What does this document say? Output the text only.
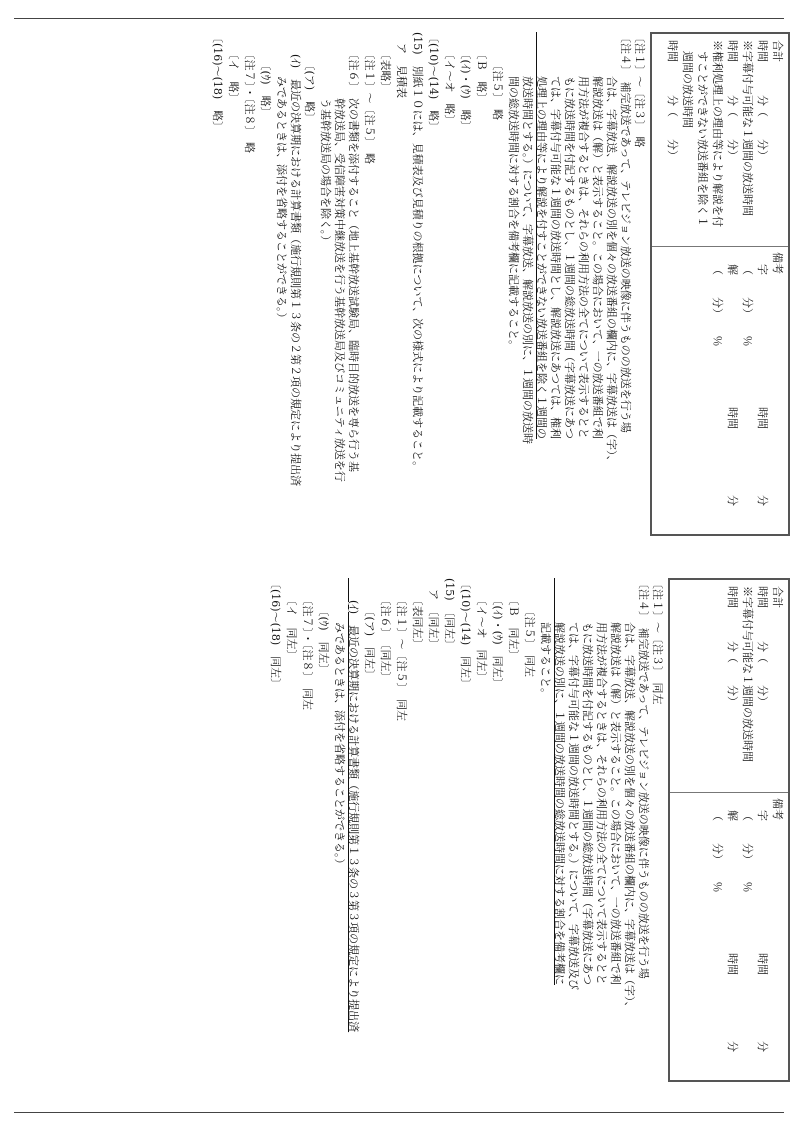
合計
時間　　　分（　　分）
※字幕付与可能な１週間の放送時間
時間　　　分（　　分）
※権利処理上の理由等により解説を付
　すことができない放送番組を除く１
　週間の放送時間
時間　　　分（　　分）
備考
字　　　　　　　　　　　　時間　　　　　　分
（　　分）　　％
解　　　　　　　　　　　　時間　　　　　　分
（　　分）　　％
〔注１〕〜〔注３〕　略
〔注４〕　補完放送であって、テレビジョン放送の映像に伴うものの放送を行う場
　　　　合は、字幕放送、解説放送の別を個々の放送番組の欄内に、字幕放送は（字）、
　　　　解説放送は（解）と表示すること。この場合において、一の放送番組で利
　　　　用方法が複合するときは、それらの利用方法の全てについて表示するとと
　　　　もに放送時間を付記するものとし、１週間の総放送時間（字幕放送にあつ
　　　　ては、字幕付与可能な１週間の放送時間とし、解説放送にあつては、権利
　　　　処理上の理由等により解説を付すことができない放送番組を除く１週間の
　　　　放送時間とする。）について、字幕放送、解説放送の別に、１週間の放送時
　　　　間の総放送時間に対する割合を備考欄に記載すること。
　　　〔注５〕　略
　　〔Ｂ　略〕
　　〔(ｲ)・(ｳ)　略〕
　　〔イ〜オ　略〕
〔(10)〜(14)　略〕
(15)　別紙１０には、見積表及び見積りの根拠について、次の様式により記載すること。
　ア　見積表
　　〔表略〕
　　〔注１〕〜〔注５〕　略
　　〔注６〕　次の書類を添付すること（地上基幹放送試験局、臨時目的放送を専ら行う基
　　　　　　幹放送局、受信障害対策中継放送を行う基幹放送局及びコミュニティ放送を行
　　　　　　う基幹放送局の場合を除く。）
　　　〔(ア)　略〕
　　(ｲ)　最近の決算期における計算書類（施行規則第１３条の２第２項の規定により提出済
　　　　みであるときは、添付を省略することができる。）
　　　〔(ｳ)　略〕
　　〔注７〕・〔注８〕　略
　　〔イ　略〕
〔(16)〜(18)　略〕
合計
時間　　　分（　　分）
※字幕付与可能な１週間の放送時間
時間　　　分（　　分）
備考
字　　　　　　　　　　　　時間　　　　　　分
（　　分）　　％
解　　　　　　　　　　　　時間　　　　　　分
（　　分）　　％
〔注１〕〜〔注３〕　同左
〔注４〕　補完放送であって、テレビジョン放送の映像に伴うものの放送を行う場
　　　　合は、字幕放送、解説放送の別を個々の放送番組の欄内に、字幕放送は（字）、
　　　　解説放送は（解）と表示すること。この場合において、一の放送番組で利
　　　　用方法が複合するときは、それらの利用方法の全てについて表示するとと
　　　　もに放送時間を付記するものとし、１週間の総放送時間（字幕放送にあつ
　　　　ては、字幕付与可能な１週間の放送時間とする。）について、字幕放送及び
　　　　解説放送の別に、１週間の放送時間の総放送時間に対する割合を備考欄に
　　　　記載すること。
　　　〔注５〕　同左
　　〔Ｂ　同左〕
　　〔(ｲ)・(ｳ)　同左〕
　　〔イ〜オ　同左〕
〔(10)〜(14)　同左〕
(15)　〔同左〕
　ア　〔同左〕
　　〔表同左〕
　　〔注１〕〜〔注５〕　同左
　　〔注６〕　〔同左〕
　　　〔(ア)　同左〕
　　(ｲ)　最近の決算期における計算書類（施行規則第１３条の３第３項の規定により提出済
　　　　みであるときは、添付を省略することができる。）
　　　〔(ｳ)　同左〕
　　〔注７〕・〔注８〕　同左
　　〔イ　同左〕
〔(16)〜(18)　同左〕
